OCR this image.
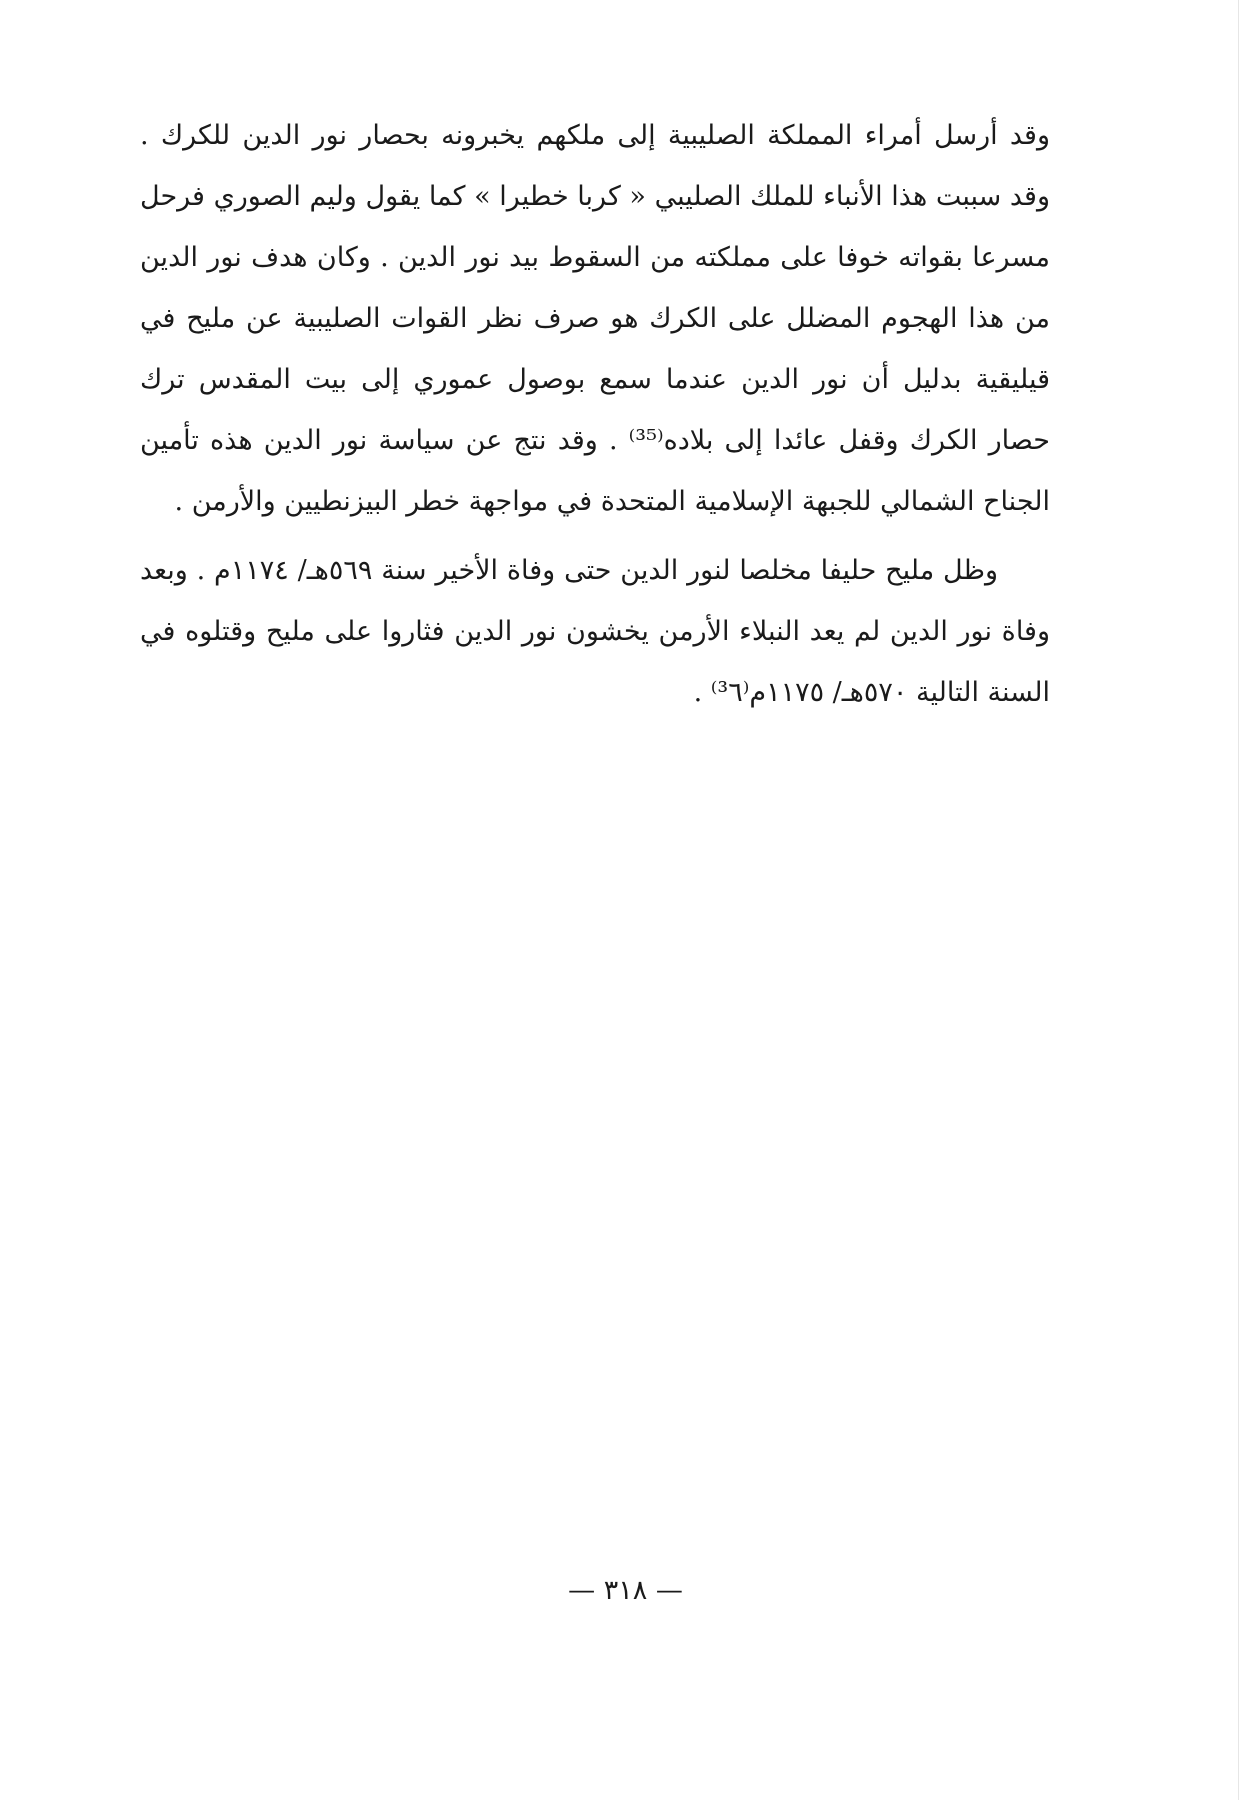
وقد أرسل أمراء المملكة الصليبية إلى ملكهم يخبرونه بحصار نور الدين للكرك . وقد سببت هذا الأنباء للملك الصليبي « كربا خطيرا » كما يقول وليم الصوري فرحل مسرعا بقواته خوفا على مملكته من السقوط بيد نور الدين . وكان هدف نور الدين من هذا الهجوم المضلل على الكرك هو صرف نظر القوات الصليبية عن مليح في قيليقية بدليل أن نور الدين عندما سمع بوصول عموري إلى بيت المقدس ترك حصار الكرك وقفل عائدا إلى بلاده⁽³⁵⁾ . وقد نتج عن سياسة نور الدين هذه تأمين الجناح الشمالي للجبهة الإسلامية المتحدة في مواجهة خطر البيزنطيين والأرمن .

وظل مليح حليفا مخلصا لنور الدين حتى وفاة الأخير سنة ٥٦٩هـ/ ١١٧٤م . وبعد وفاة نور الدين لم يعد النبلاء الأرمن يخشون نور الدين فثاروا على مليح وقتلوه في السنة التالية ٥٧٠هـ/ ١١٧٥م⁽³٦⁾ .

— ٣١٨ —
